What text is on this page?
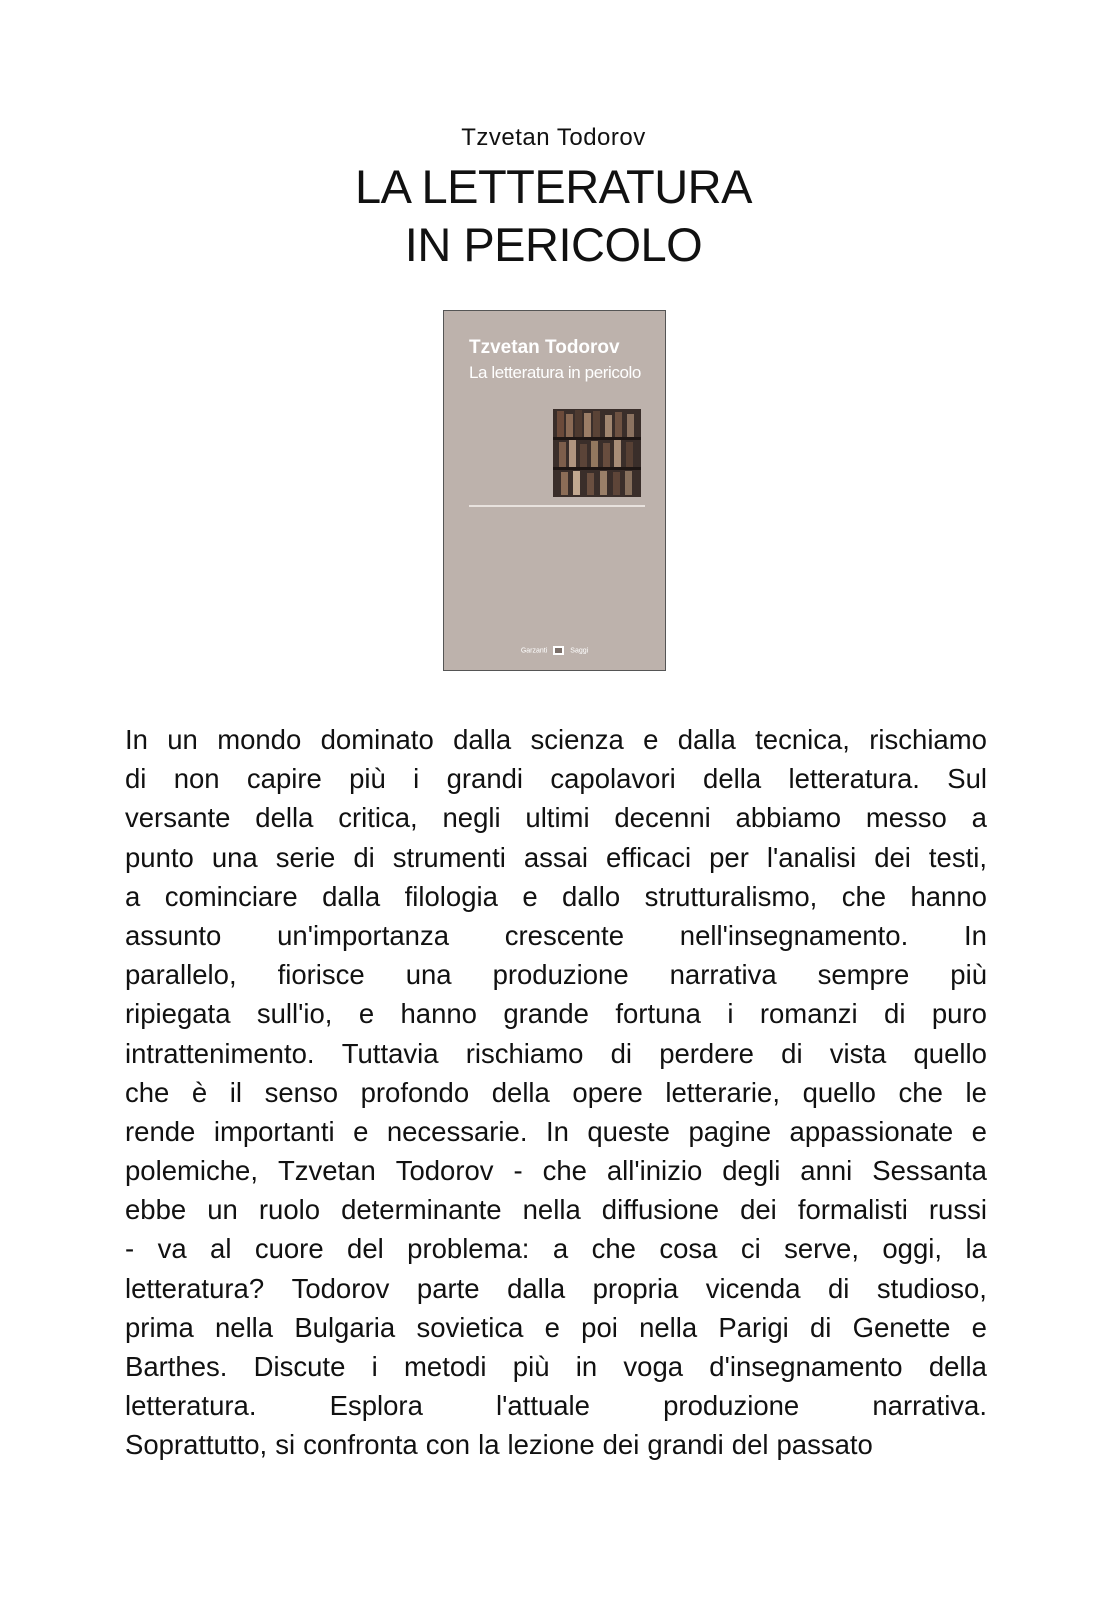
Tzvetan Todorov
LA LETTERATURA
IN PERICOLO
Tzvetan Todorov
La letteratura in pericolo
Garzanti	Saggi
In un mondo dominato dalla scienza e dalla tecnica, rischiamo
di non capire più i grandi capolavori della letteratura. Sul
versante della critica, negli ultimi decenni abbiamo messo a
punto una serie di strumenti assai efficaci per l'analisi dei testi,
a cominciare dalla filologia e dallo strutturalismo, che hanno
assunto un'importanza crescente nell'insegnamento. In
parallelo, fiorisce una produzione narrativa sempre più
ripiegata sull'io, e hanno grande fortuna i romanzi di puro
intrattenimento. Tuttavia rischiamo di perdere di vista quello
che è il senso profondo della opere letterarie, quello che le
rende importanti e necessarie. In queste pagine appassionate e
polemiche, Tzvetan Todorov - che all'inizio degli anni Sessanta
ebbe un ruolo determinante nella diffusione dei formalisti russi
- va al cuore del problema: a che cosa ci serve, oggi, la
letteratura? Todorov parte dalla propria vicenda di studioso,
prima nella Bulgaria sovietica e poi nella Parigi di Genette e
Barthes. Discute i metodi più in voga d'insegnamento della
letteratura.	Esplora	l'attuale	produzione	narrativa.
Soprattutto, si confronta con la lezione dei grandi del passato
